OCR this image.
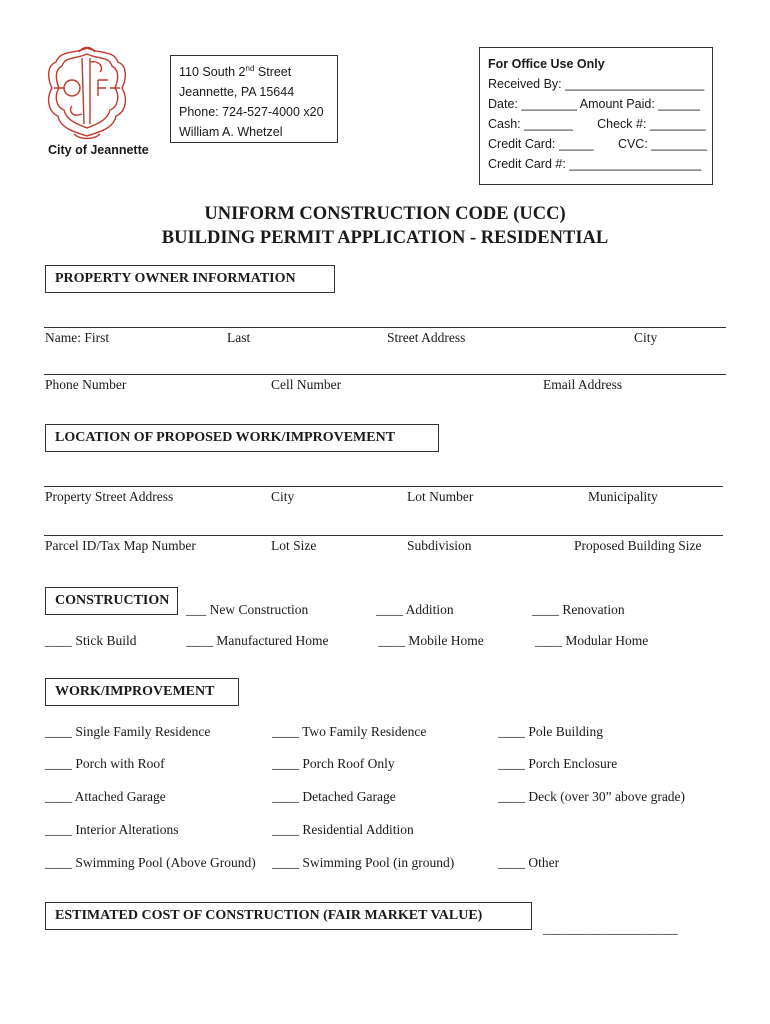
City of Jeannette
110 South 2nd Street
Jeannette, PA 15644
Phone: 724-527-4000 x20
William A. Whetzel
For Office Use Only
Received By: ____________________
Date: ________ Amount Paid: ______
Cash: _______ Check #: ________
Credit Card: _____ CVC: ________
Credit Card #: ___________________
UNIFORM CONSTRUCTION CODE (UCC)
BUILDING PERMIT APPLICATION - RESIDENTIAL
PROPERTY OWNER INFORMATION
Name: First	Last	Street Address	City
Phone Number	Cell Number	Email Address
LOCATION OF PROPOSED WORK/IMPROVEMENT
Property Street Address	City	Lot Number	Municipality
Parcel ID/Tax Map Number	Lot Size	Subdivision	Proposed Building Size
CONSTRUCTION
___ New Construction	____ Addition	____ Renovation
____ Stick Build	____ Manufactured Home	____ Mobile Home	____ Modular Home
WORK/IMPROVEMENT
____ Single Family Residence	____ Two Family Residence	____ Pole Building
____ Porch with Roof	____ Porch Roof Only	____ Porch Enclosure
____ Attached Garage	____ Detached Garage	____ Deck (over 30” above grade)
____ Interior Alterations	____ Residential Addition
____ Swimming Pool (Above Ground) ____ Swimming Pool (in ground)	____ Other
ESTIMATED COST OF CONSTRUCTION (FAIR MARKET VALUE)
____________________
